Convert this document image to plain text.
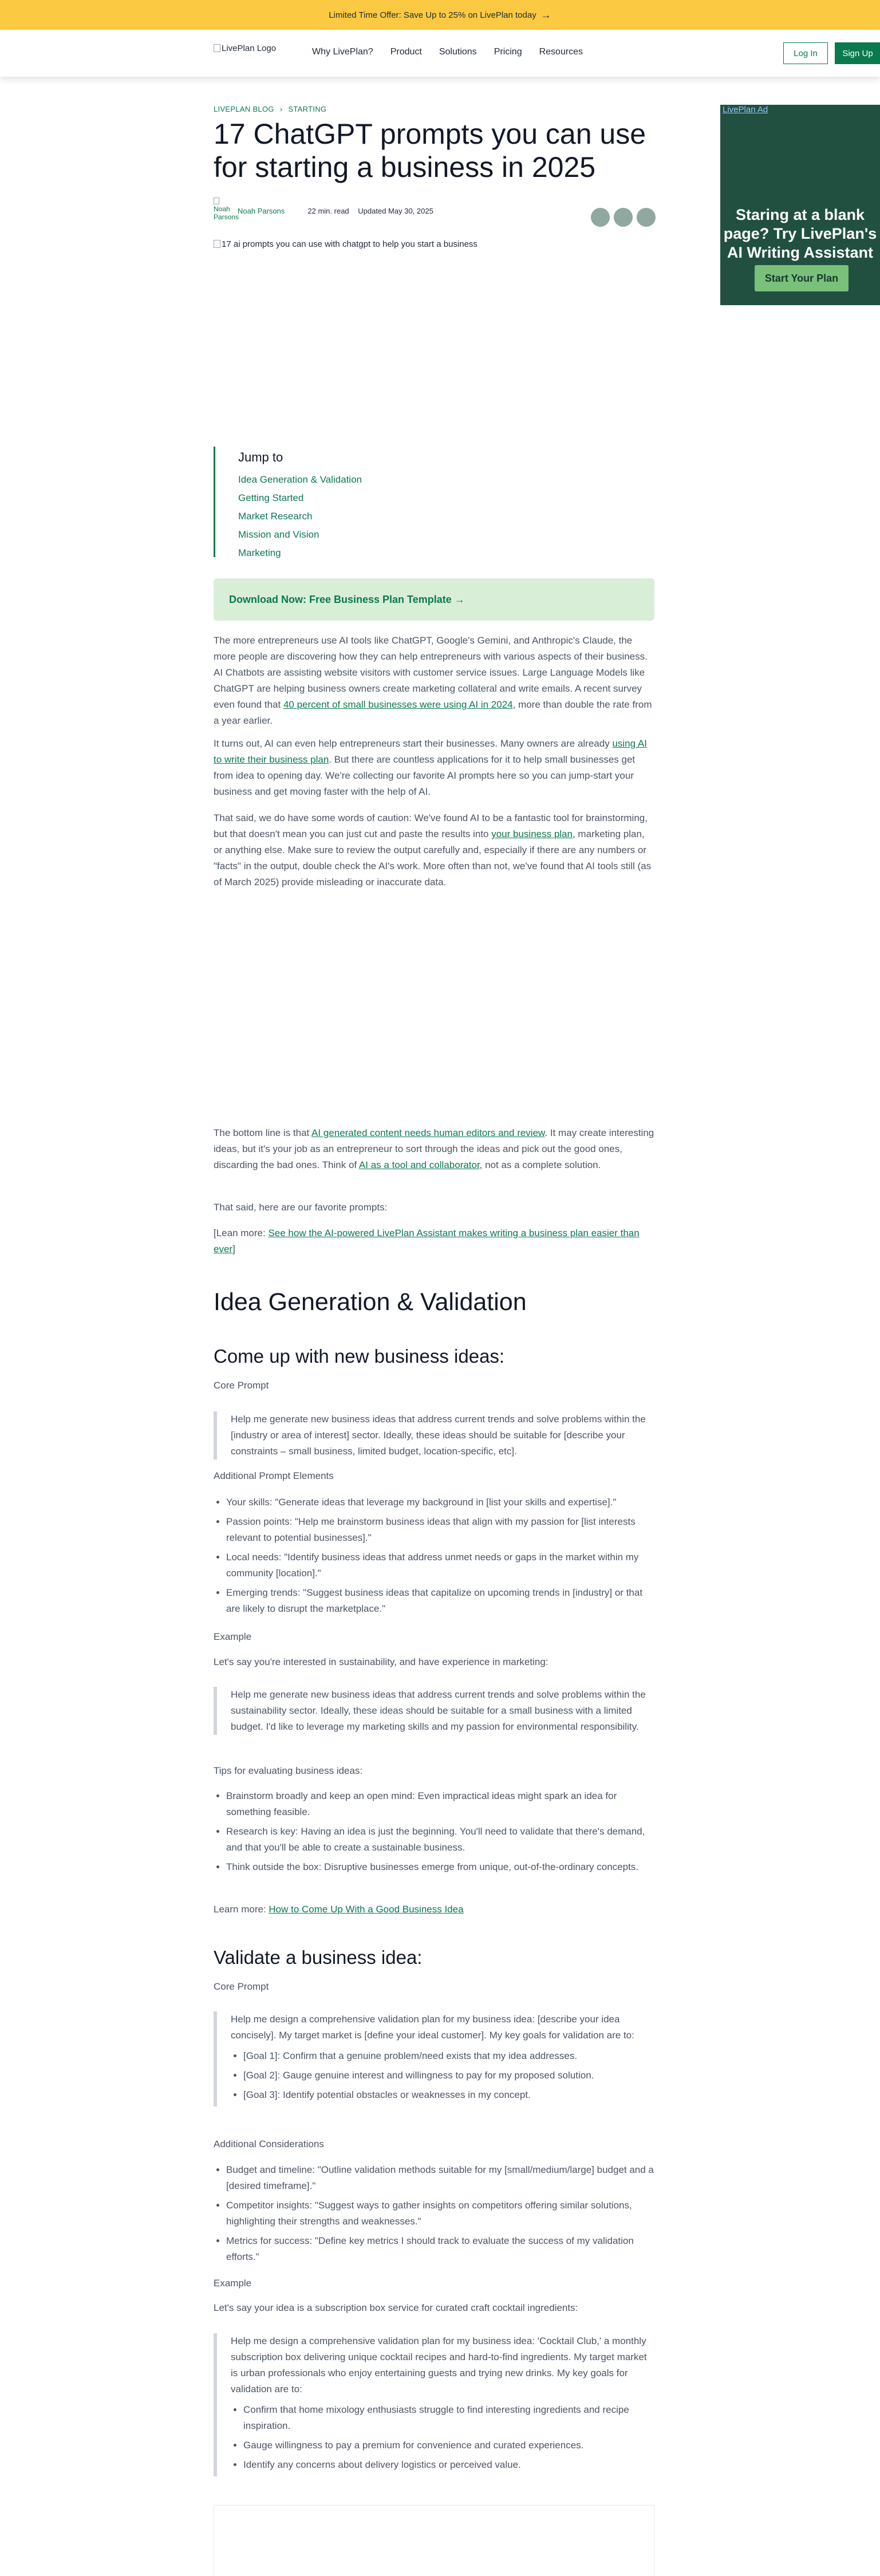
Limited Time Offer: Save Up to 25% on LivePlan today →
LivePlan Logo	Why LivePlan? Product Solutions Pricing Resources	Log In	Sign Up
LIVEPLAN BLOG › STARTING
17 ChatGPT prompts you can use for starting a business in 2025
Noah Parsons
Noah Parsons	22 min. read Updated May 30, 2025
17 ai prompts you can use with chatgpt to help you start a business
LivePlan Ad
Staring at a blank page? Try LivePlan's AI Writing Assistant
Start Your Plan
Jump to
Idea Generation & Validation
Getting Started
Market Research
Mission and Vision
Marketing
Download Now: Free Business Plan Template →

The more entrepreneurs use AI tools like ChatGPT, Google's Gemini, and Anthropic's Claude, the more people are discovering how they can help entrepreneurs with various aspects of their business. AI Chatbots are assisting website visitors with customer service issues. Large Language Models like ChatGPT are helping business owners create marketing collateral and write emails. A recent survey even found that 40 percent of small businesses were using AI in 2024, more than double the rate from a year earlier.

It turns out, AI can even help entrepreneurs start their businesses. Many owners are already using AI to write their business plan. But there are countless applications for it to help small businesses get from idea to opening day. We're collecting our favorite AI prompts here so you can jump-start your business and get moving faster with the help of AI.

That said, we do have some words of caution: We've found AI to be a fantastic tool for brainstorming, but that doesn't mean you can just cut and paste the results into your business plan, marketing plan, or anything else. Make sure to review the output carefully and, especially if there are any numbers or "facts" in the output, double check the AI's work. More often than not, we've found that AI tools still (as of March 2025) provide misleading or inaccurate data.

The bottom line is that AI generated content needs human editors and review. It may create interesting ideas, but it's your job as an entrepreneur to sort through the ideas and pick out the good ones, discarding the bad ones. Think of AI as a tool and collaborator, not as a complete solution.

That said, here are our favorite prompts:

[Lean more: See how the AI-powered LivePlan Assistant makes writing a business plan easier than ever]

Idea Generation & Validation
Come up with new business ideas:
Core Prompt
Help me generate new business ideas that address current trends and solve problems within the [industry or area of interest] sector. Ideally, these ideas should be suitable for [describe your constraints – small business, limited budget, location-specific, etc].
Additional Prompt Elements
• Your skills: "Generate ideas that leverage my background in [list your skills and expertise]."
• Passion points: "Help me brainstorm business ideas that align with my passion for [list interests relevant to potential businesses]."
• Local needs: "Identify business ideas that address unmet needs or gaps in the market within my community [location]."
• Emerging trends: "Suggest business ideas that capitalize on upcoming trends in [industry] or that are likely to disrupt the marketplace."
Example
Let's say you're interested in sustainability, and have experience in marketing:
Help me generate new business ideas that address current trends and solve problems within the sustainability sector. Ideally, these ideas should be suitable for a small business with a limited budget. I'd like to leverage my marketing skills and my passion for environmental responsibility.
Tips for evaluating business ideas:
• Brainstorm broadly and keep an open mind: Even impractical ideas might spark an idea for something feasible.
• Research is key: Having an idea is just the beginning. You'll need to validate that there's demand, and that you'll be able to create a sustainable business.
• Think outside the box: Disruptive businesses emerge from unique, out-of-the-ordinary concepts.
Learn more: How to Come Up With a Good Business Idea
Validate a business idea:
Core Prompt
Help me design a comprehensive validation plan for my business idea: [describe your idea concisely]. My target market is [define your ideal customer]. My key goals for validation are to:
• [Goal 1]: Confirm that a genuine problem/need exists that my idea addresses.
• [Goal 2]: Gauge genuine interest and willingness to pay for my proposed solution.
• [Goal 3]: Identify potential obstacles or weaknesses in my concept.
Additional Considerations
• Budget and timeline: "Outline validation methods suitable for my [small/medium/large] budget and a [desired timeframe]."
• Competitor insights: "Suggest ways to gather insights on competitors offering similar solutions, highlighting their strengths and weaknesses."
• Metrics for success: "Define key metrics I should track to evaluate the success of my validation efforts."
Example
Let's say your idea is a subscription box service for curated craft cocktail ingredients:
Help me design a comprehensive validation plan for my business idea: 'Cocktail Club,' a monthly subscription box delivering unique cocktail recipes and hard-to-find ingredients. My target market is urban professionals who enjoy entertaining guests and trying new drinks. My key goals for validation are to:
• Confirm that home mixology enthusiasts struggle to find interesting ingredients and recipe inspiration.
• Gauge willingness to pay a premium for convenience and curated experiences.
• Identify any concerns about delivery logistics or perceived value.
